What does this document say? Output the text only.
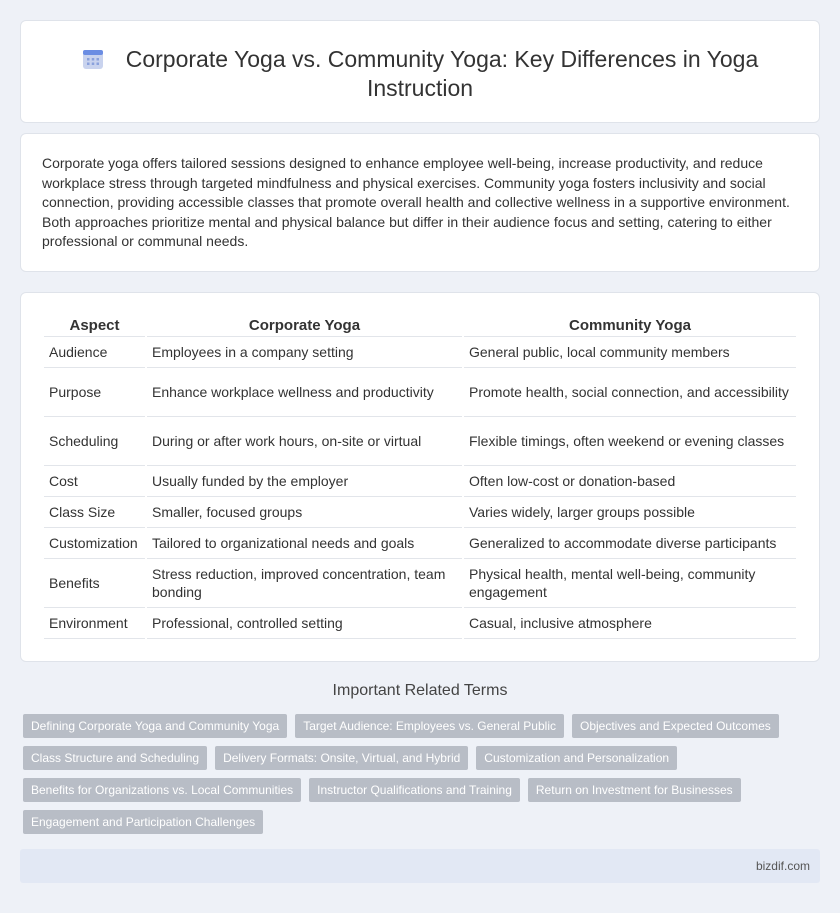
Corporate Yoga vs. Community Yoga: Key Differences in Yoga Instruction

Corporate yoga offers tailored sessions designed to enhance employee well-being, increase productivity, and reduce workplace stress through targeted mindfulness and physical exercises. Community yoga fosters inclusivity and social connection, providing accessible classes that promote overall health and collective wellness in a supportive environment. Both approaches prioritize mental and physical balance but differ in their audience focus and setting, catering to either professional or communal needs.

Aspect	Corporate Yoga	Community Yoga
Audience	Employees in a company setting	General public, local community members
Purpose	Enhance workplace wellness and productivity	Promote health, social connection, and accessibility
Scheduling	During or after work hours, on-site or virtual	Flexible timings, often weekend or evening classes
Cost	Usually funded by the employer	Often low-cost or donation-based
Class Size	Smaller, focused groups	Varies widely, larger groups possible
Customization	Tailored to organizational needs and goals	Generalized to accommodate diverse participants
Benefits	Stress reduction, improved concentration, team bonding	Physical health, mental well-being, community engagement
Environment	Professional, controlled setting	Casual, inclusive atmosphere
Important Related Terms
Defining Corporate Yoga and Community Yoga	Target Audience: Employees vs. General Public	Objectives and Expected Outcomes
Class Structure and Scheduling	Delivery Formats: Onsite, Virtual, and Hybrid	Customization and Personalization
Benefits for Organizations vs. Local Communities	Instructor Qualifications and Training	Return on Investment for Businesses
Engagement and Participation Challenges
bizdif.com
